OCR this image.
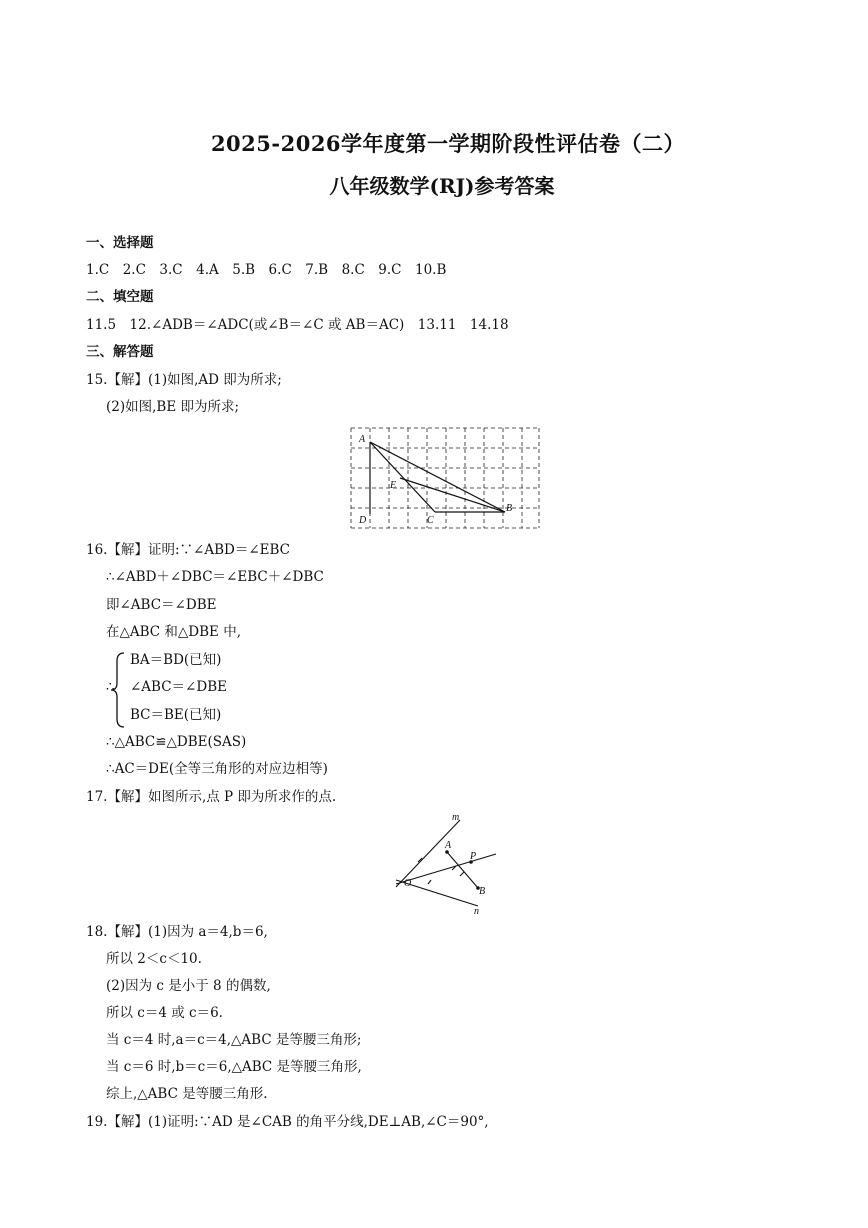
2025-2026学年度第一学期阶段性评估卷（二）
八年级数学(RJ)参考答案
一、选择题
1.C　2.C　3.C　4.A　5.B　6.C　7.B　8.C　9.C　10.B
二、填空题
11.5　12.∠ADB＝∠ADC(或∠B＝∠C 或 AB＝AC)　13.11　14.18
三、解答题
15.【解】(1)如图,AD 即为所求;
(2)如图,BE 即为所求;
A
E
D	C
B
16.【解】证明:∵∠ABD＝∠EBC
∴∠ABD＋∠DBC＝∠EBC＋∠DBC
即∠ABC＝∠DBE
在△ABC 和△DBE 中,
∴
BA＝BD(已知)
∠ABC＝∠DBE
BC＝BE(已知)
∴△ABC≌△DBE(SAS)
∴AC＝DE(全等三角形的对应边相等)
17.【解】如图所示,点 P 即为所求作的点.
m
A
P
O
B
n
18.【解】(1)因为 a＝4,b＝6,
所以 2＜c＜10.
(2)因为 c 是小于 8 的偶数,
所以 c＝4 或 c＝6.
当 c＝4 时,a＝c＝4,△ABC 是等腰三角形;
当 c＝6 时,b＝c＝6,△ABC 是等腰三角形,
综上,△ABC 是等腰三角形.
19.【解】(1)证明:∵AD 是∠CAB 的角平分线,DE⊥AB,∠C＝90°,
